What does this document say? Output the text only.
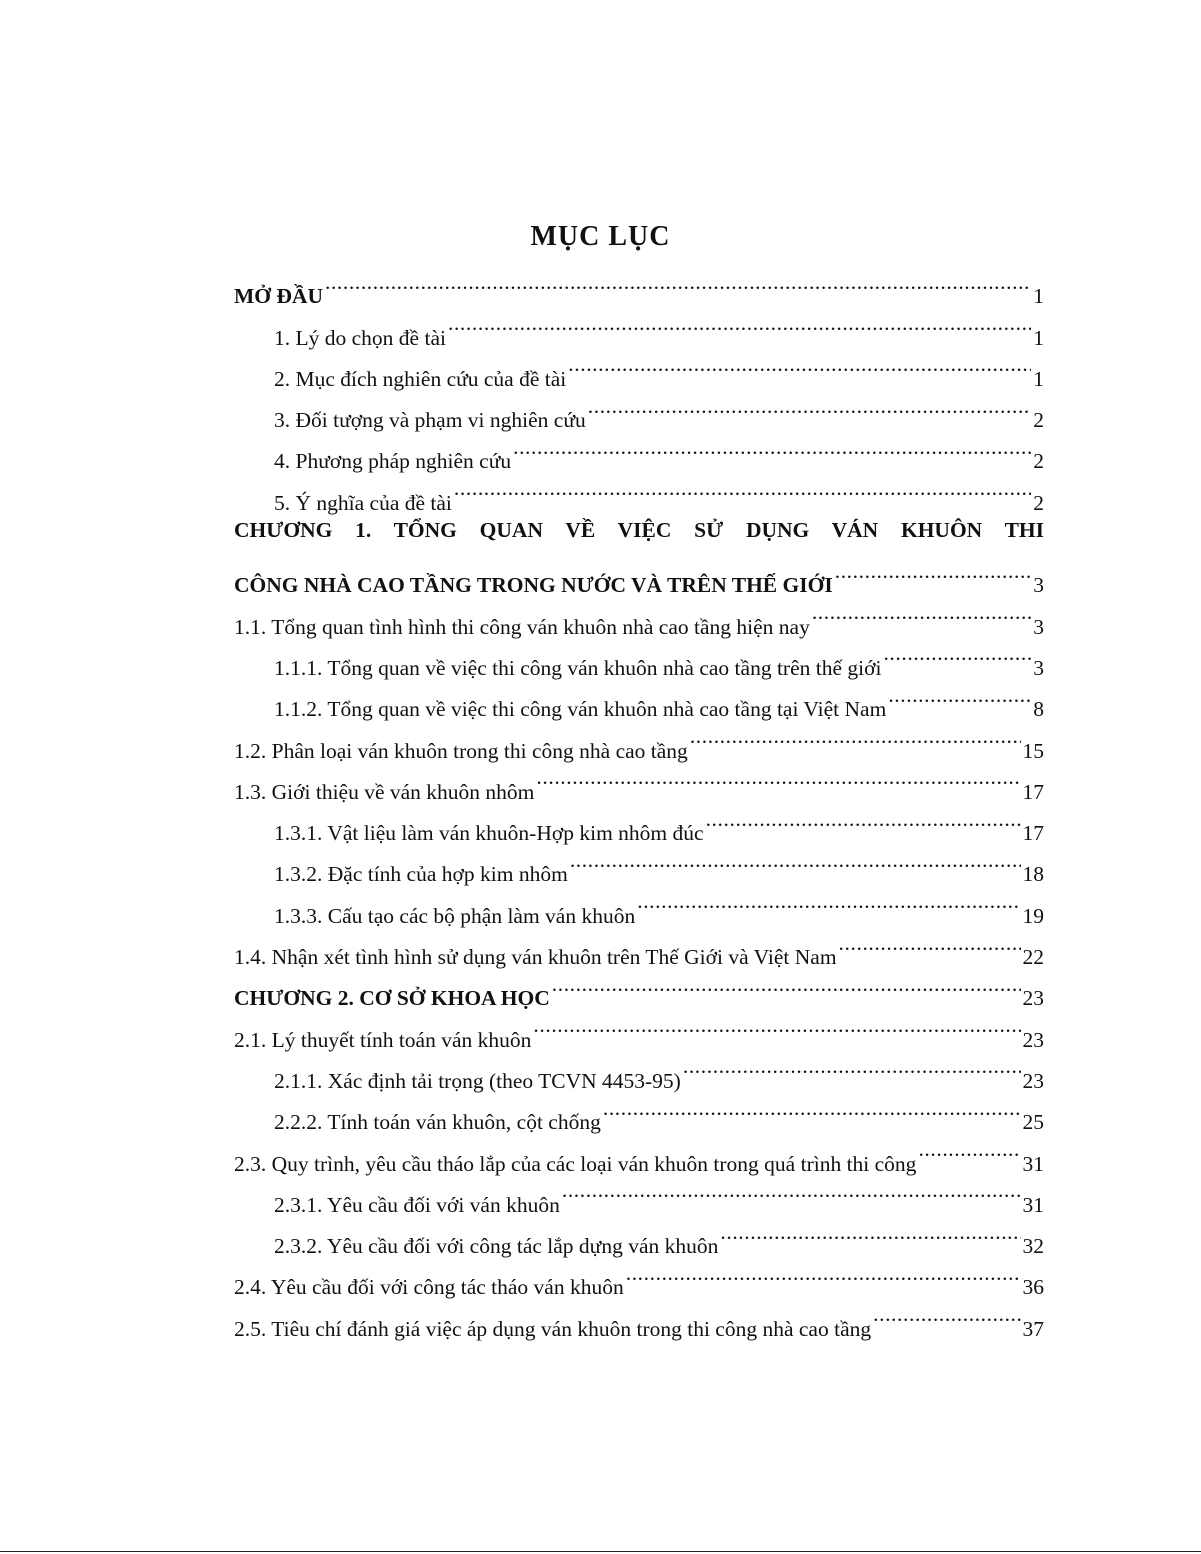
MỤC LỤC
MỞ ĐẦU .....	1
1. Lý do chọn đề tài .....	1
2. Mục đích nghiên cứu của đề tài .....	1
3. Đối tượng và phạm vi nghiên cứu .....	2
4. Phương pháp nghiên cứu .....	2
5. Ý nghĩa của đề tài .....	2
CHƯƠNG 1. TỔNG QUAN VỀ VIỆC SỬ DỤNG VÁN KHUÔN THI
CÔNG NHÀ CAO TẦNG TRONG NƯỚC VÀ TRÊN THẾ GIỚI .....	3
1.1. Tổng quan tình hình thi công ván khuôn nhà cao tầng hiện nay .....	3
1.1.1. Tổng quan về việc thi công ván khuôn nhà cao tầng trên thế giới .....	3
1.1.2. Tổng quan về việc thi công ván khuôn nhà cao tầng tại Việt Nam .....	8
1.2. Phân loại ván khuôn trong thi công nhà cao tầng .....	15
1.3. Giới thiệu về ván khuôn nhôm .....	17
1.3.1. Vật liệu làm ván khuôn-Hợp kim nhôm đúc .....	17
1.3.2. Đặc tính của hợp kim nhôm .....	18
1.3.3. Cấu tạo các bộ phận làm ván khuôn .....	19
1.4. Nhận xét tình hình sử dụng ván khuôn trên Thế Giới và Việt Nam .....	22
CHƯƠNG 2. CƠ SỞ KHOA HỌC .....	23
2.1. Lý thuyết tính toán ván khuôn .....	23
2.1.1. Xác định tải trọng (theo TCVN 4453-95) .....	23
2.2.2. Tính toán ván khuôn, cột chống .....	25
2.3. Quy trình, yêu cầu tháo lắp của các loại ván khuôn trong quá trình thi công .....	31
2.3.1. Yêu cầu đối với ván khuôn .....	31
2.3.2. Yêu cầu đối với công tác lắp dựng ván khuôn .....	32
2.4. Yêu cầu đối với công tác tháo ván khuôn .....	36
2.5. Tiêu chí đánh giá việc áp dụng ván khuôn trong thi công nhà cao tầng .....	37
